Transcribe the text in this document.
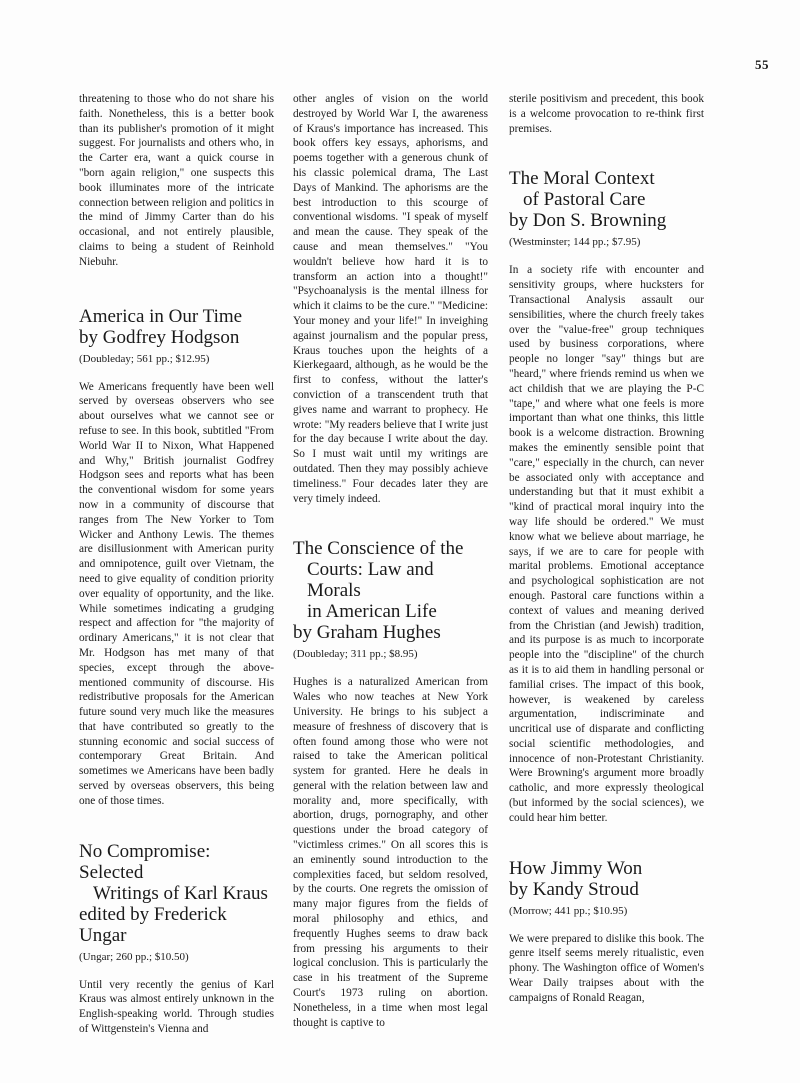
55

threatening to those who do not share his faith. Nonetheless, this is a better book than its publisher's promotion of it might suggest. For journalists and others who, in the Carter era, want a quick course in "born again religion," one suspects this book illuminates more of the intricate connection between religion and politics in the mind of Jimmy Carter than do his occasional, and not entirely plausible, claims to being a student of Reinhold Niebuhr.

America in Our Time
by Godfrey Hodgson
(Doubleday; 561 pp.; $12.95)

We Americans frequently have been well served by overseas observers who see about ourselves what we cannot see or refuse to see. In this book, subtitled "From World War II to Nixon, What Happened and Why," British journalist Godfrey Hodgson sees and reports what has been the conventional wisdom for some years now in a community of discourse that ranges from The New Yorker to Tom Wicker and Anthony Lewis. The themes are disillusionment with American purity and omnipotence, guilt over Vietnam, the need to give equality of condition priority over equality of opportunity, and the like. While sometimes indicating a grudging respect and affection for "the majority of ordinary Americans," it is not clear that Mr. Hodgson has met many of that species, except through the above-mentioned community of discourse. His redistributive proposals for the American future sound very much like the measures that have contributed so greatly to the stunning economic and social success of contemporary Great Britain. And sometimes we Americans have been badly served by overseas observers, this being one of those times.

No Compromise: Selected
Writings of Karl Kraus
edited by Frederick Ungar
(Ungar; 260 pp.; $10.50)

Until very recently the genius of Karl Kraus was almost entirely unknown in the English-speaking world. Through studies of Wittgenstein's Vienna and

other angles of vision on the world destroyed by World War I, the awareness of Kraus's importance has increased. This book offers key essays, aphorisms, and poems together with a generous chunk of his classic polemical drama, The Last Days of Mankind. The aphorisms are the best introduction to this scourge of conventional wisdoms. "I speak of myself and mean the cause. They speak of the cause and mean themselves." "You wouldn't believe how hard it is to transform an action into a thought!" "Psychoanalysis is the mental illness for which it claims to be the cure." "Medicine: Your money and your life!" In inveighing against journalism and the popular press, Kraus touches upon the heights of a Kierkegaard, although, as he would be the first to confess, without the latter's conviction of a transcendent truth that gives name and warrant to prophecy. He wrote: "My readers believe that I write just for the day because I write about the day. So I must wait until my writings are outdated. Then they may possibly achieve timeliness." Four decades later they are very timely indeed.

The Conscience of the
Courts: Law and Morals
in American Life
by Graham Hughes
(Doubleday; 311 pp.; $8.95)

Hughes is a naturalized American from Wales who now teaches at New York University. He brings to his subject a measure of freshness of discovery that is often found among those who were not raised to take the American political system for granted. Here he deals in general with the relation between law and morality and, more specifically, with abortion, drugs, pornography, and other questions under the broad category of "victimless crimes." On all scores this is an eminently sound introduction to the complexities faced, but seldom resolved, by the courts. One regrets the omission of many major figures from the fields of moral philosophy and ethics, and frequently Hughes seems to draw back from pressing his arguments to their logical conclusion. This is particularly the case in his treatment of the Supreme Court's 1973 ruling on abortion. Nonetheless, in a time when most legal thought is captive to

sterile positivism and precedent, this book is a welcome provocation to re-think first premises.

The Moral Context
of Pastoral Care
by Don S. Browning
(Westminster; 144 pp.; $7.95)

In a society rife with encounter and sensitivity groups, where hucksters for Transactional Analysis assault our sensibilities, where the church freely takes over the "value-free" group techniques used by business corporations, where people no longer "say" things but are "heard," where friends remind us when we act childish that we are playing the P-C "tape," and where what one feels is more important than what one thinks, this little book is a welcome distraction. Browning makes the eminently sensible point that "care," especially in the church, can never be associated only with acceptance and understanding but that it must exhibit a "kind of practical moral inquiry into the way life should be ordered." We must know what we believe about marriage, he says, if we are to care for people with marital problems. Emotional acceptance and psychological sophistication are not enough. Pastoral care functions within a context of values and meaning derived from the Christian (and Jewish) tradition, and its purpose is as much to incorporate people into the "discipline" of the church as it is to aid them in handling personal or familial crises. The impact of this book, however, is weakened by careless argumentation, indiscriminate and uncritical use of disparate and conflicting social scientific methodologies, and innocence of non-Protestant Christianity. Were Browning's argument more broadly catholic, and more expressly theological (but informed by the social sciences), we could hear him better.

How Jimmy Won
by Kandy Stroud
(Morrow; 441 pp.; $10.95)

We were prepared to dislike this book. The genre itself seems merely ritualistic, even phony. The Washington office of Women's Wear Daily traipses about with the campaigns of Ronald Reagan,
